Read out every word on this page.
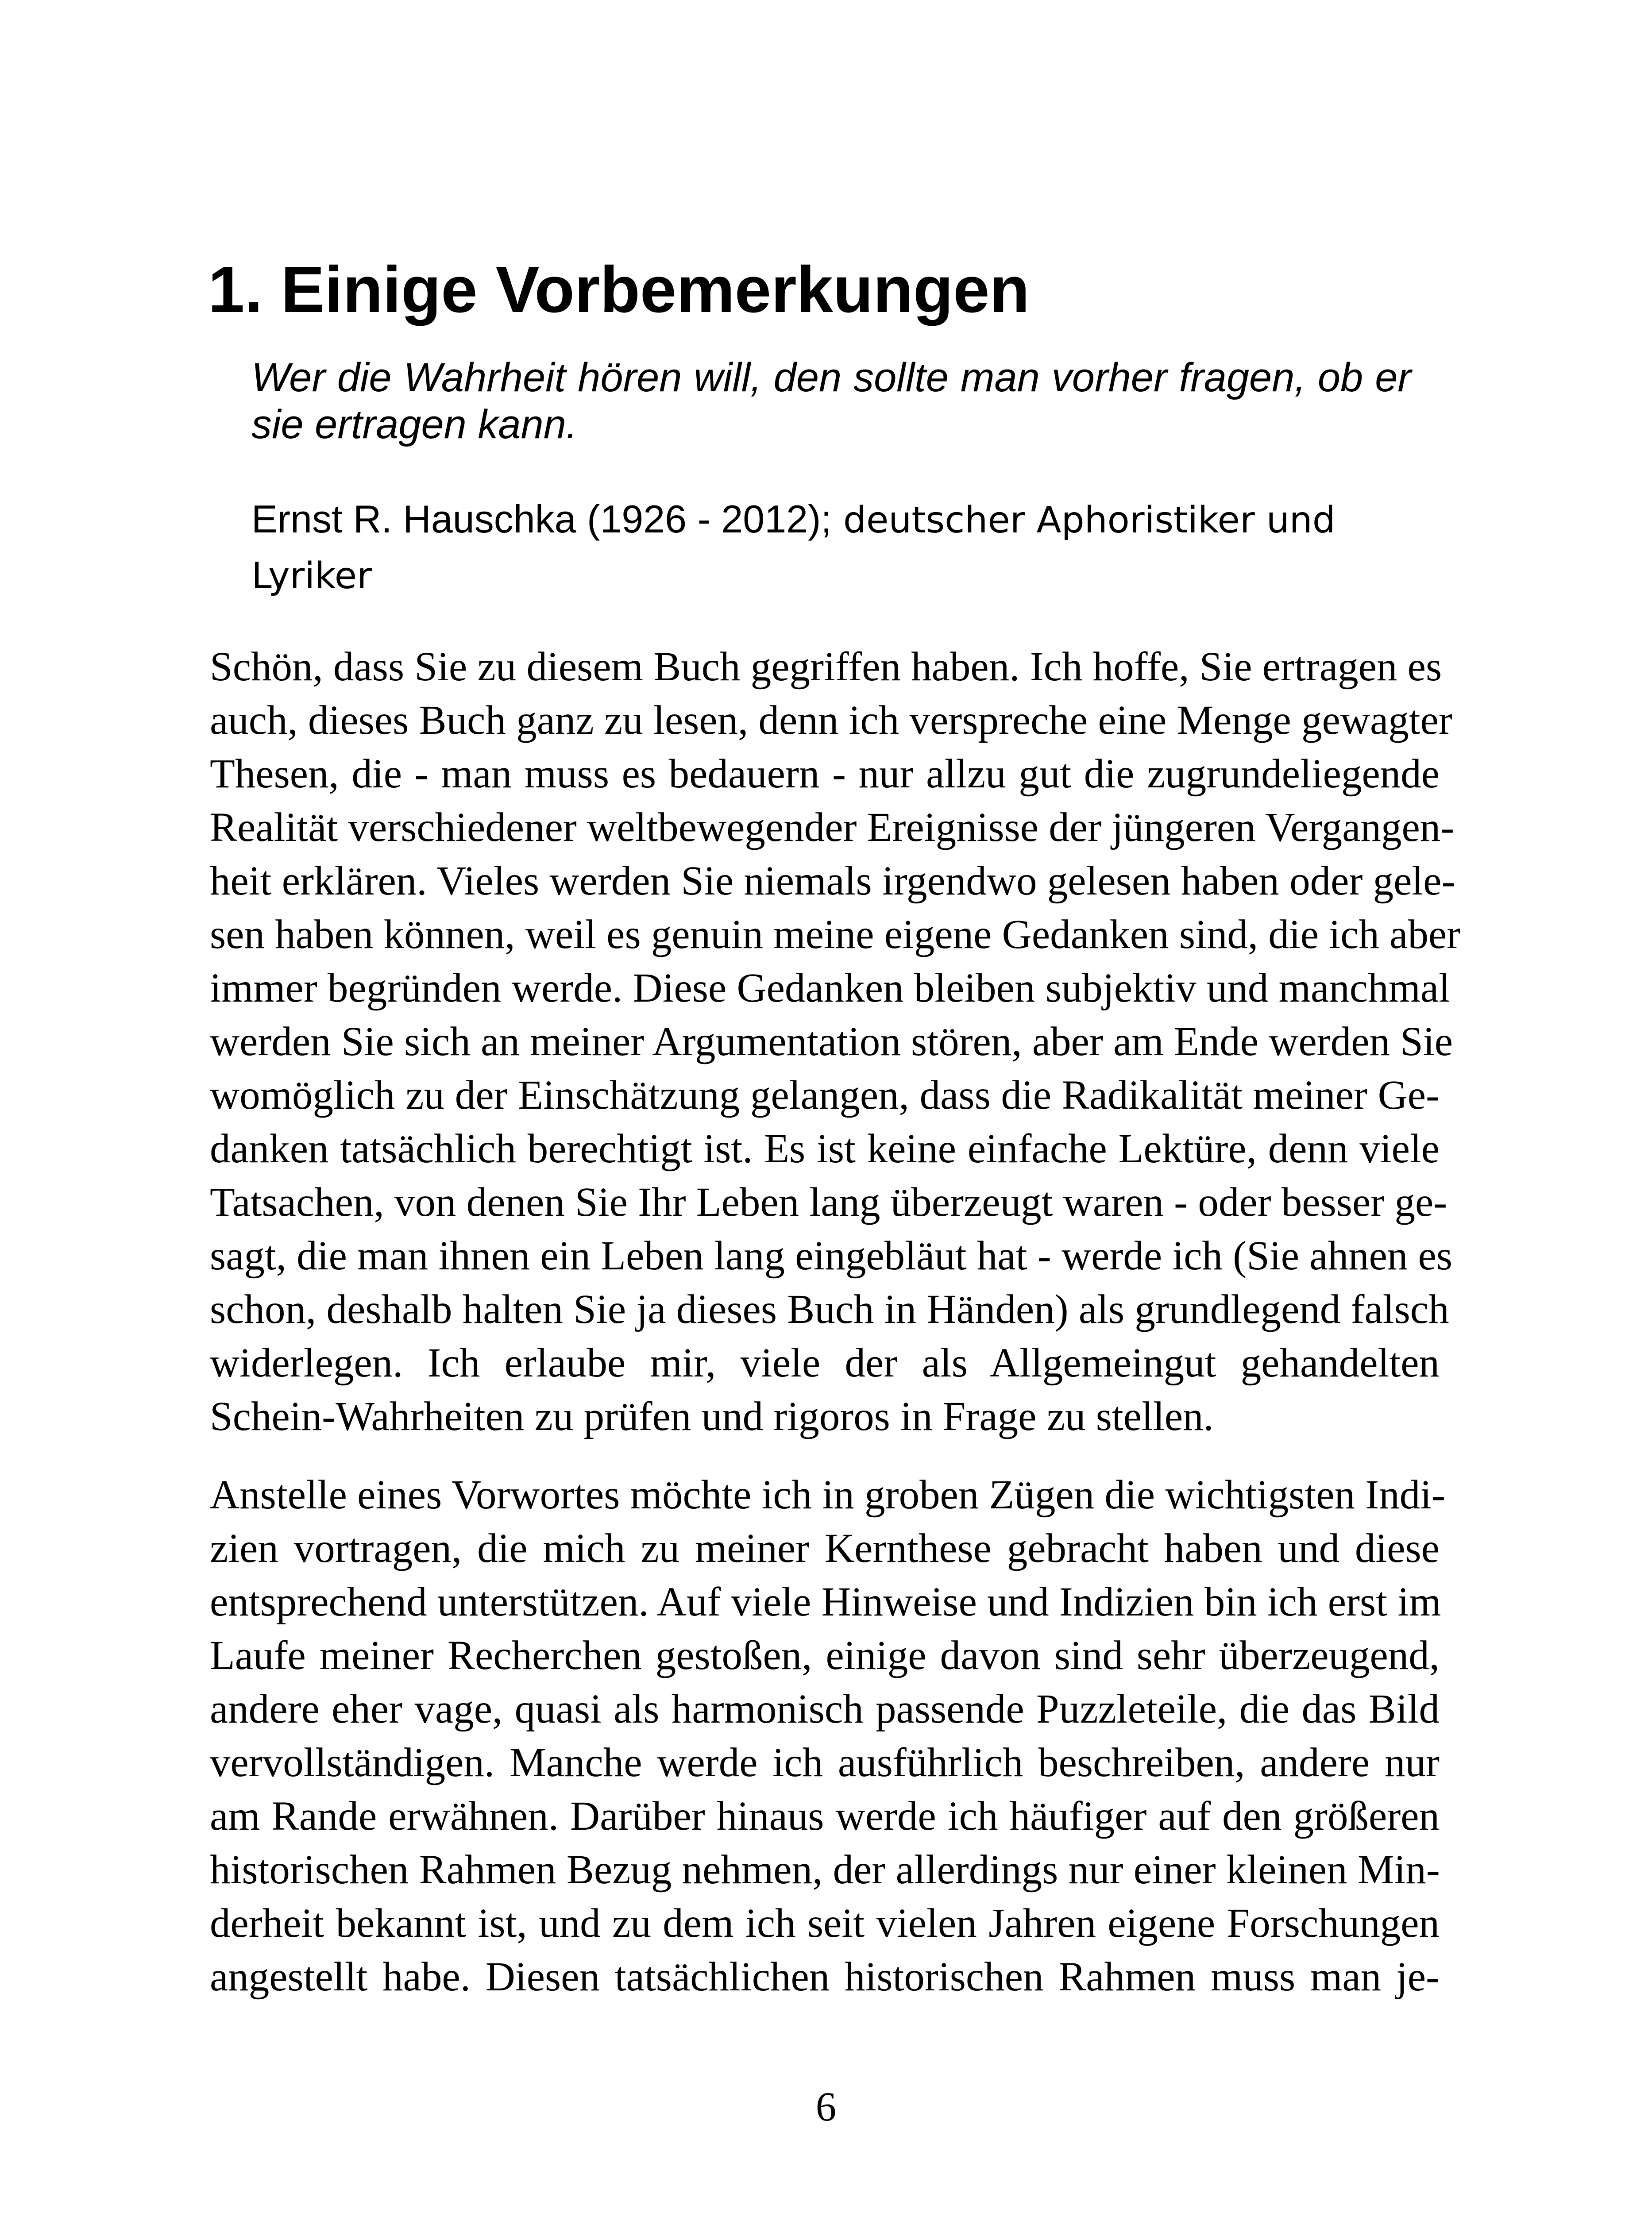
1. Einige Vorbemerkungen

Wer die Wahrheit hören will, den sollte man vorher fragen, ob er sie ertragen kann.

Ernst R. Hauschka (1926 - 2012); deutscher Aphoristiker und Lyriker

Schön, dass Sie zu diesem Buch gegriffen haben. Ich hoffe, Sie ertragen es
auch, dieses Buch ganz zu lesen, denn ich verspreche eine Menge gewagter
Thesen, die - man muss es bedauern - nur allzu gut die zugrundeliegende
Realität verschiedener weltbewegender Ereignisse der jüngeren Vergangen-
heit erklären. Vieles werden Sie niemals irgendwo gelesen haben oder gele-
sen haben können, weil es genuin meine eigene Gedanken sind, die ich aber
immer begründen werde. Diese Gedanken bleiben subjektiv und manchmal
werden Sie sich an meiner Argumentation stören, aber am Ende werden Sie
womöglich zu der Einschätzung gelangen, dass die Radikalität meiner Ge-
danken tatsächlich berechtigt ist. Es ist keine einfache Lektüre, denn viele
Tatsachen, von denen Sie Ihr Leben lang überzeugt waren - oder besser ge-
sagt, die man ihnen ein Leben lang eingebläut hat - werde ich (Sie ahnen es
schon, deshalb halten Sie ja dieses Buch in Händen) als grundlegend falsch
widerlegen. Ich erlaube mir, viele der als Allgemeingut gehandelten
Schein-Wahrheiten zu prüfen und rigoros in Frage zu stellen.
Anstelle eines Vorwortes möchte ich in groben Zügen die wichtigsten Indi-
zien vortragen, die mich zu meiner Kernthese gebracht haben und diese
entsprechend unterstützen. Auf viele Hinweise und Indizien bin ich erst im
Laufe meiner Recherchen gestoßen, einige davon sind sehr überzeugend,
andere eher vage, quasi als harmonisch passende Puzzleteile, die das Bild
vervollständigen. Manche werde ich ausführlich beschreiben, andere nur
am Rande erwähnen. Darüber hinaus werde ich häufiger auf den größeren
historischen Rahmen Bezug nehmen, der allerdings nur einer kleinen Min-
derheit bekannt ist, und zu dem ich seit vielen Jahren eigene Forschungen
angestellt habe. Diesen tatsächlichen historischen Rahmen muss man je-

6
